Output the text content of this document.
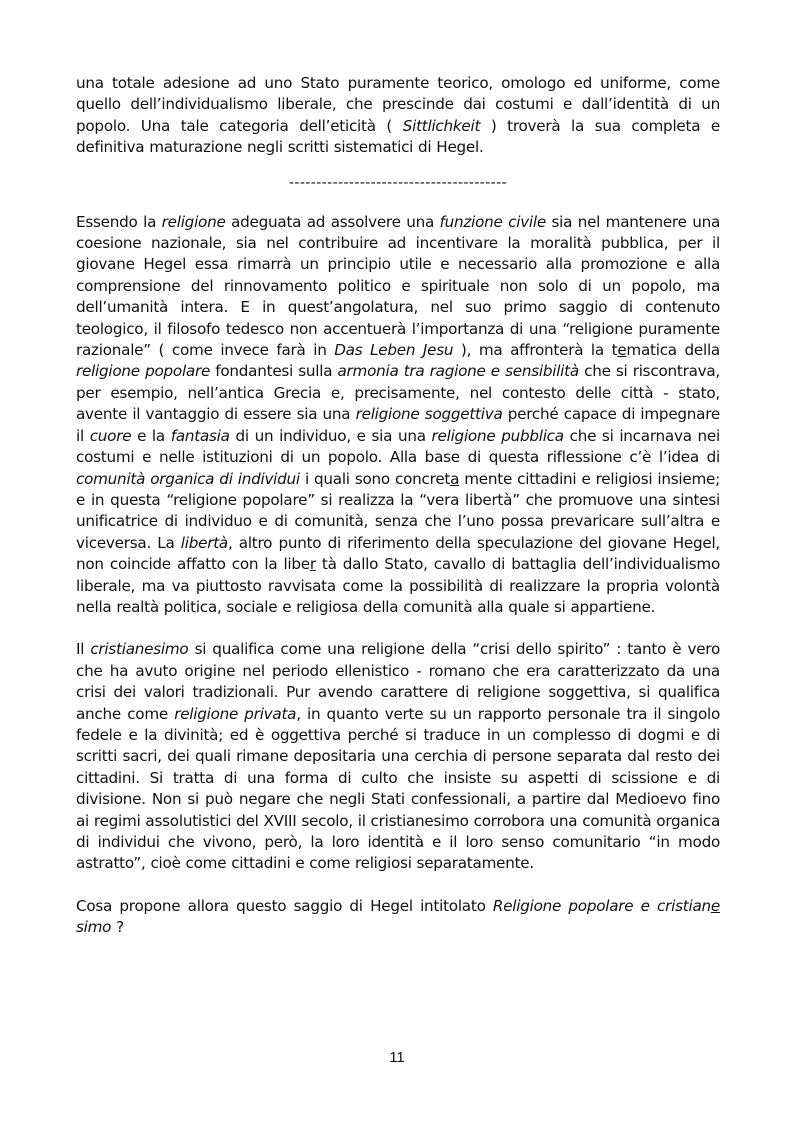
una totale adesione ad uno Stato puramente teorico, omologo ed uniforme, come quello dell’individualismo liberale, che prescinde dai costumi e dall’identità di un popolo. Una tale categoria dell’eticità ( Sittlichkeit ) troverà la sua completa e definitiva maturazione negli scritti sistematici di Hegel.

----------------------------------------

Essendo la religione adeguata ad assolvere una funzione civile sia nel mantenere una coesione nazionale, sia nel contribuire ad incentivare la moralità pubblica, per il giovane Hegel essa rimarrà un principio utile e necessario alla promozione e alla comprensione del rinnovamento politico e spirituale non solo di un popolo, ma dell’umanità intera. E in quest’angolatura, nel suo primo saggio di contenuto teologico, il filosofo tedesco non accentuerà l’importanza di una “religione puramente razionale” ( come invece farà in Das Leben Jesu ), ma affronterà la tematica della religione popolare fondantesi sulla armonia tra ragione e sensibilità che si riscontrava, per esempio, nell’antica Grecia e, precisamente, nel contesto delle città - stato, avente il vantaggio di essere sia una religione soggettiva perché capace di impegnare il cuore e la fantasia di un individuo, e sia una religione pubblica che si incarnava nei costumi e nelle istituzioni di un popolo. Alla base di questa riflessione c’è l’idea di comunità organica di individui i quali sono concreta mente cittadini e religiosi insieme; e in questa “religione popolare” si realizza la “vera libertà” che promuove una sintesi unificatrice di individuo e di comunità, senza che l’uno possa prevaricare sull’altra e viceversa. La libertà, altro punto di riferimento della speculazione del giovane Hegel, non coincide affatto con la liber tà dallo Stato, cavallo di battaglia dell’individualismo liberale, ma va piuttosto ravvisata come la possibilità di realizzare la propria volontà nella realtà politica, sociale e religiosa della comunità alla quale si appartiene.

Il cristianesimo si qualifica come una religione della “crisi dello spirito” : tanto è vero che ha avuto origine nel periodo ellenistico - romano che era caratterizzato da una crisi dei valori tradizionali. Pur avendo carattere di religione soggettiva, si qualifica anche come religione privata, in quanto verte su un rapporto personale tra il singolo fedele e la divinità; ed è oggettiva perché si traduce in un complesso di dogmi e di scritti sacri, dei quali rimane depositaria una cerchia di persone separata dal resto dei cittadini. Si tratta di una forma di culto che insiste su aspetti di scissione e di divisione. Non si può negare che negli Stati confessionali, a partire dal Medioevo fino ai regimi assolutistici del XVIII secolo, il cristianesimo corrobora una comunità organica di individui che vivono, però, la loro identità e il loro senso comunitario “in modo astratto”, cioè come cittadini e come religiosi separatamente.

Cosa propone allora questo saggio di Hegel intitolato Religione popolare e cristiane simo ?

11
